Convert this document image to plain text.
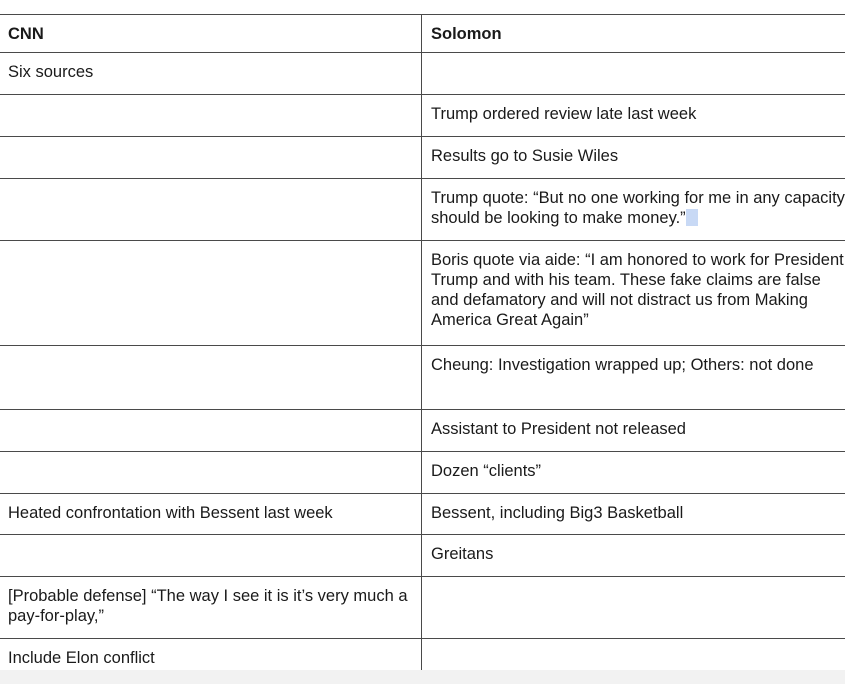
CNN	Solomon
Six sources
Trump ordered review late last week
Results go to Susie Wiles
Trump quote: “But no one working for me in any capacity should be looking to make money.”
Boris quote via aide: “I am honored to work for President Trump and with his team. These fake claims are false and defamatory and will not distract us from Making America Great Again”
Cheung: Investigation wrapped up; Others: not done
Assistant to President not released
Dozen “clients”
Heated confrontation with Bessent last week	Bessent, including Big3 Basketball
Greitans
[Probable defense] “The way I see it is it’s very much a pay-for-play,”
Include Elon conflict
